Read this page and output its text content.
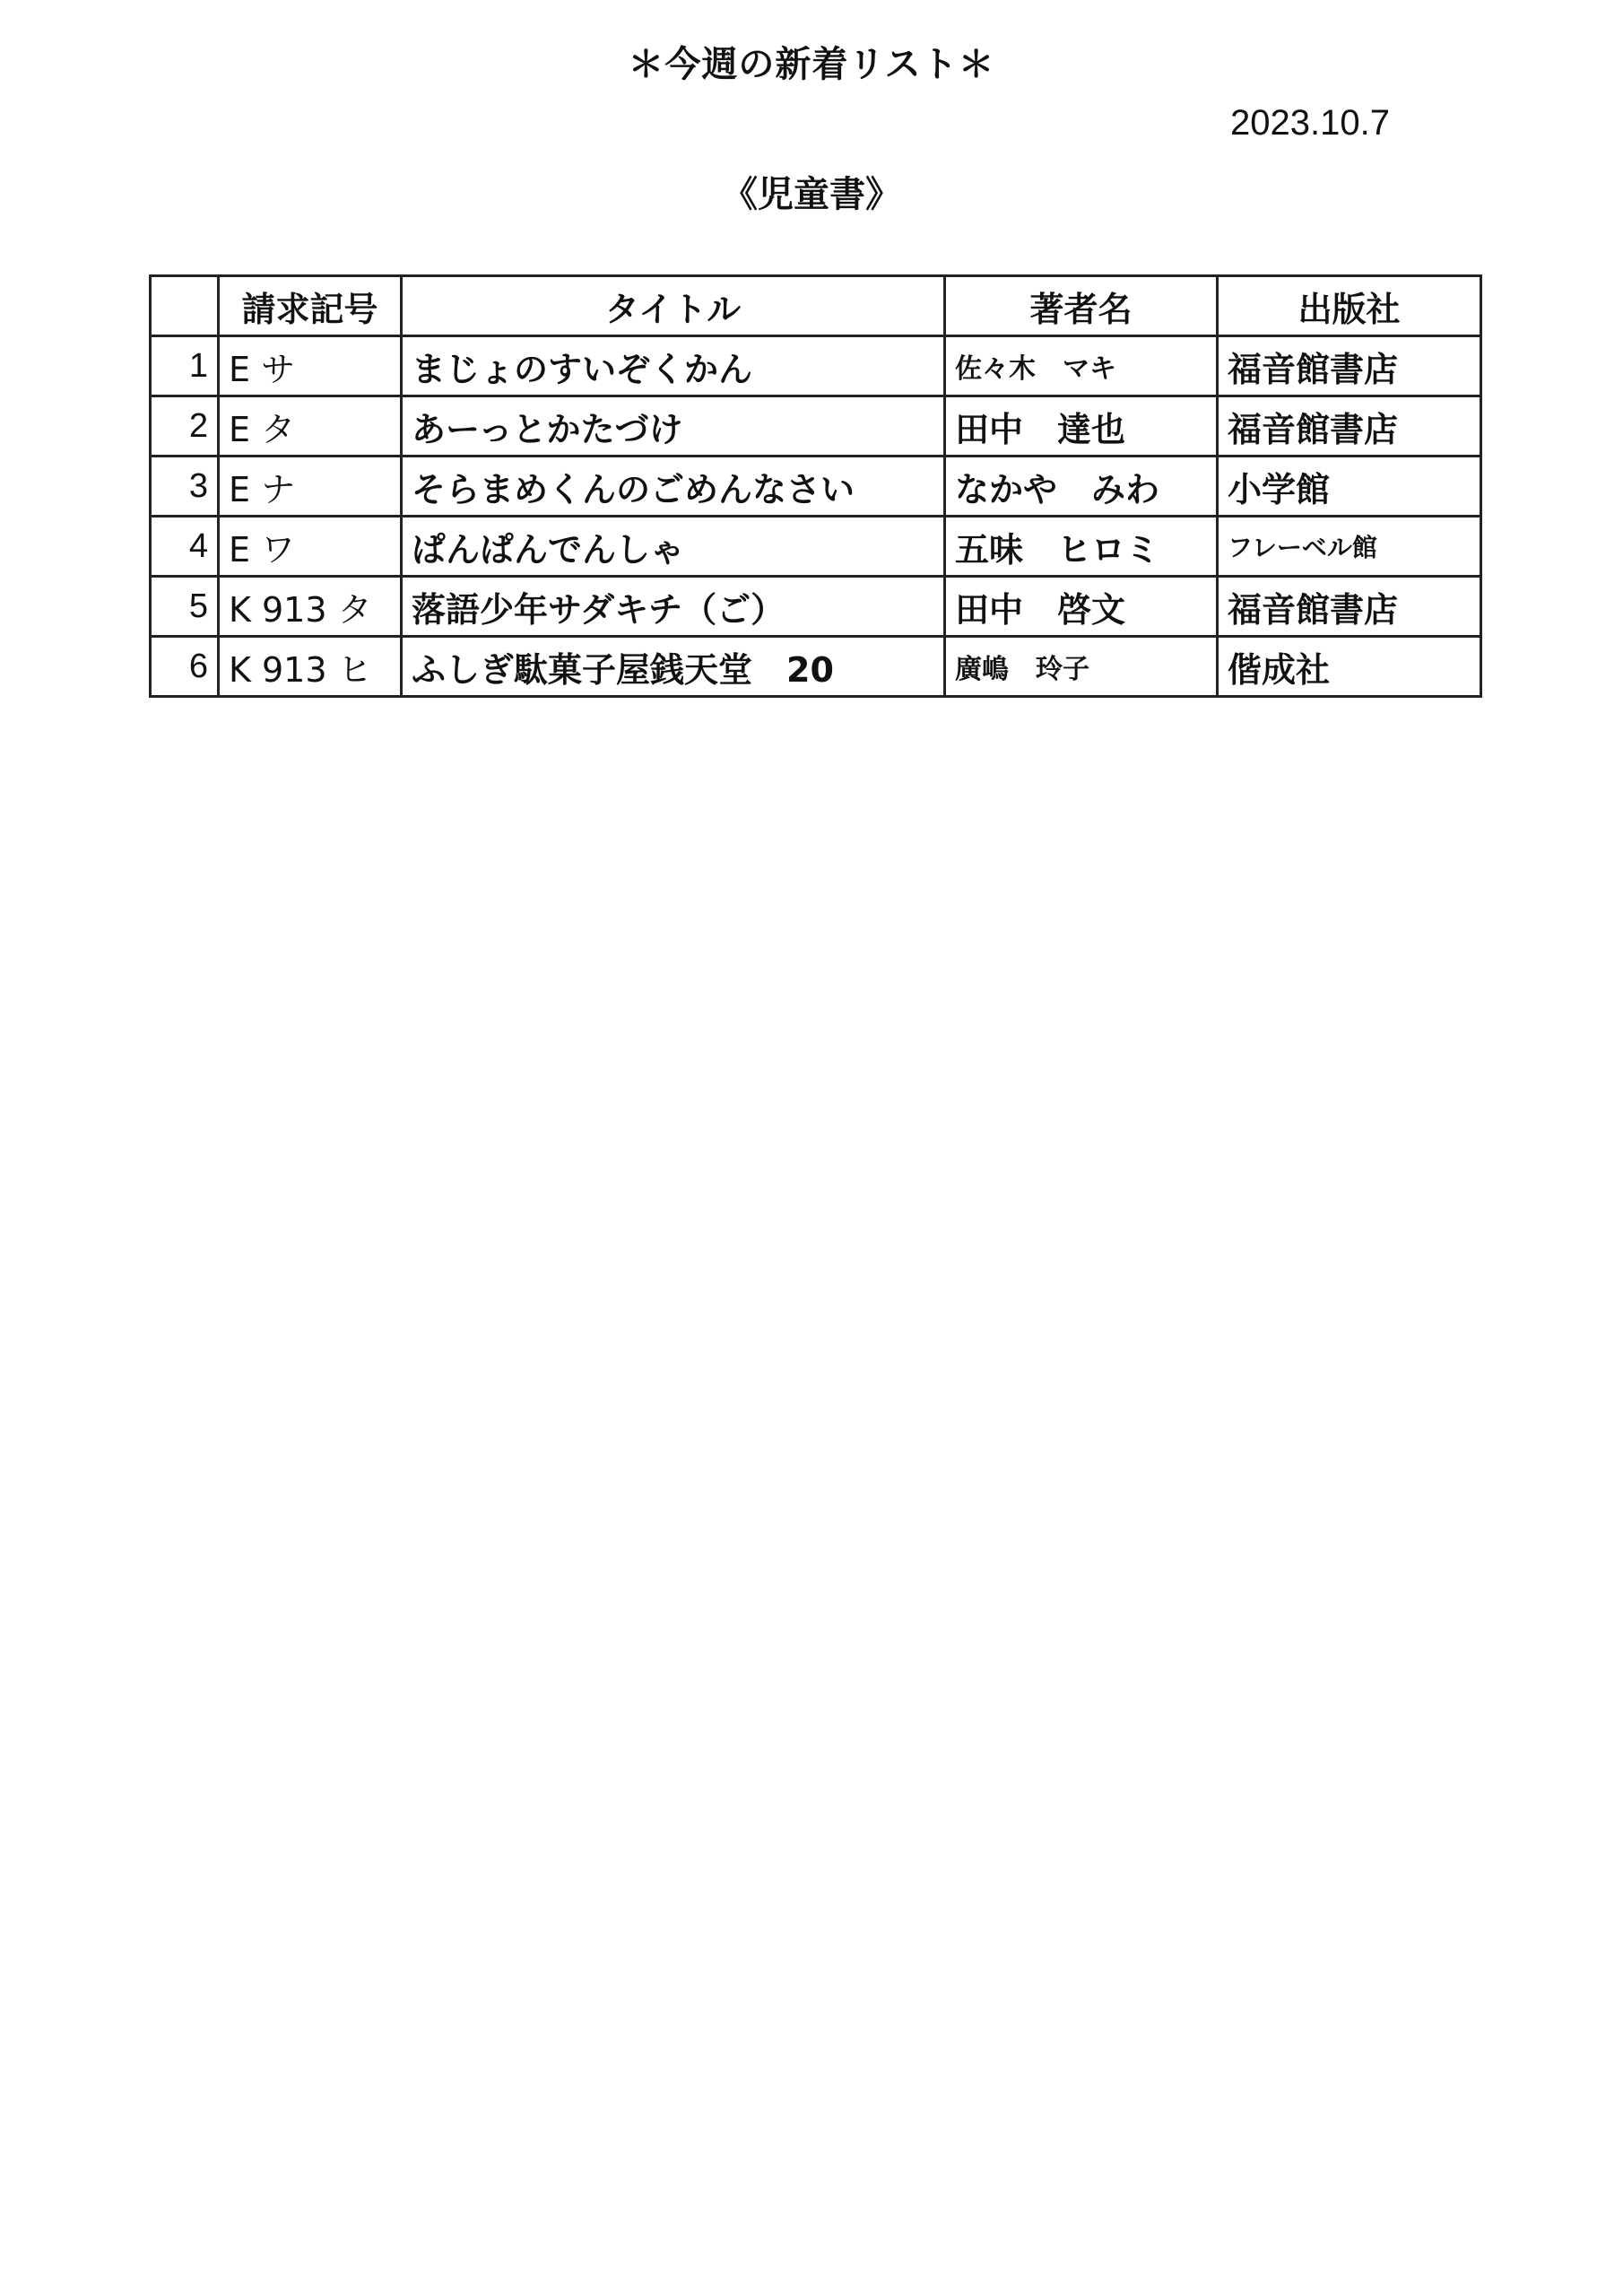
＊今週の新着リスト＊
2023.10.7
《児童書》
	請求記号	タイトル	著者名	出版社
1	E サ	まじょのすいぞくかん	佐々木　マキ	福音館書店
2	E タ	あーっとかたづけ	田中　達也	福音館書店
3	E ナ	そらまめくんのごめんなさい	なかや　みわ	小学館
4	E ワ	ぱんぱんでんしゃ	五味　ヒロミ	フレーベル館
5	K 913 タ	落語少年サダキチ（ご）	田中　啓文	福音館書店
6	K 913 ヒ	ふしぎ駄菓子屋銭天堂　20	廣嶋　玲子	偕成社
